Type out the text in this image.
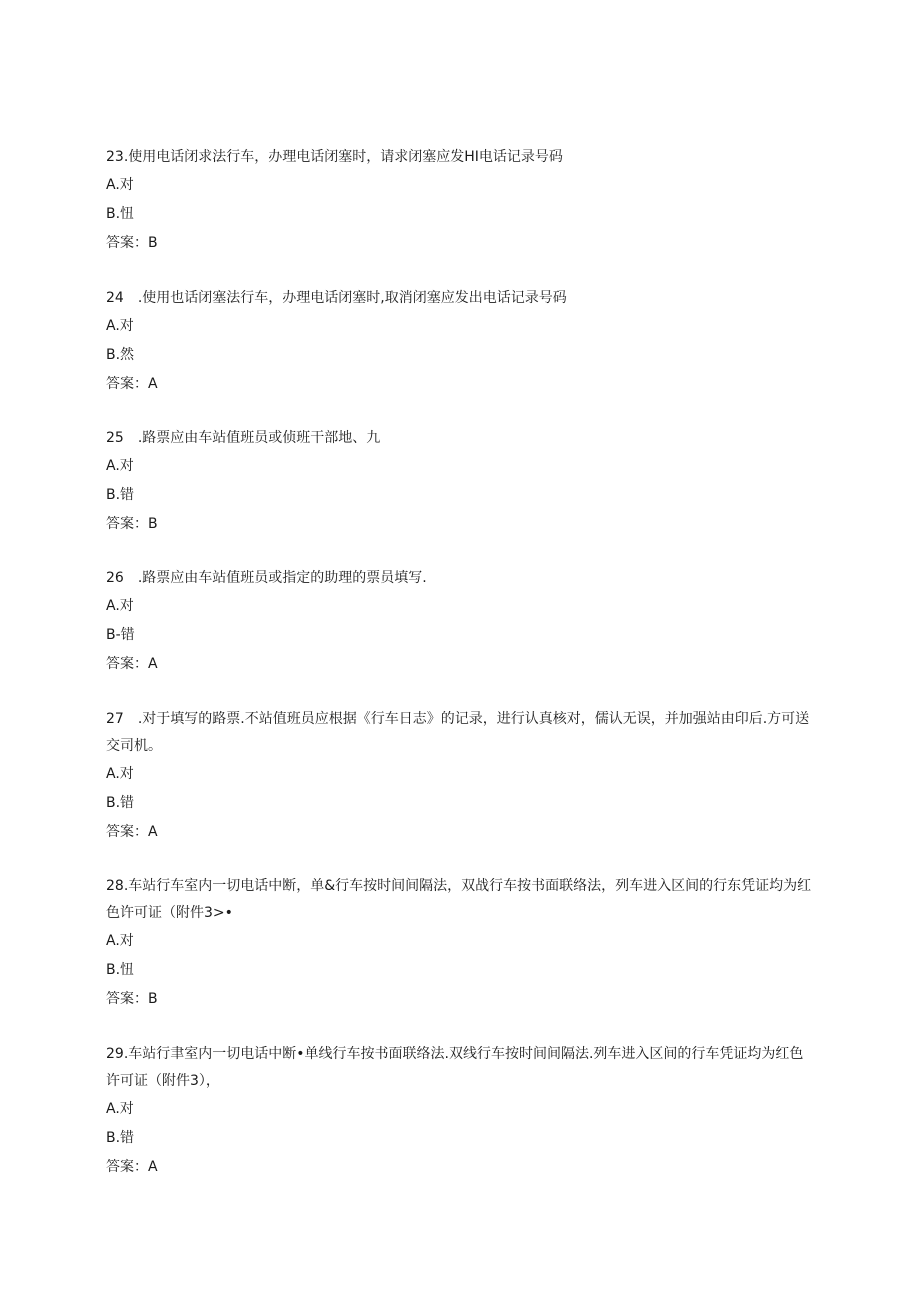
23.使用电话闭求法行车，办理电话闭塞时，请求闭塞应发HI电话记录号码

A.对

B.忸

答案：B

24　.使用也话闭塞法行车，办理电话闭塞时,取消闭塞应发出电话记录号码

A.对

B.然

答案：A

25　.路票应由车站值班员或侦班干部地、九

A.对

B.错

答案：B

26　.路票应由车站值班员或指定的助理的票员填写.

A.对

B-错

答案：A

27　.对于填写的路票.不站值班员应根据《行车日志》的记录，进行认真核对，儒认无误，并加强站由印后.方可送交司机。

A.对

B.错

答案：A

28.车站行车室内一切电话中断，单&行车按时间间隔法，双战行车按书面联络法，列车进入区间的行东凭证均为红色许可证（附件3>•

A.对

B.忸

答案：B

29.车站行聿室内一切电话中断•单线行车按书面联络法.双线行车按时间间隔法.列车进入区间的行车凭证均为红色许可证（附件3），

A.对

B.错

答案：A
